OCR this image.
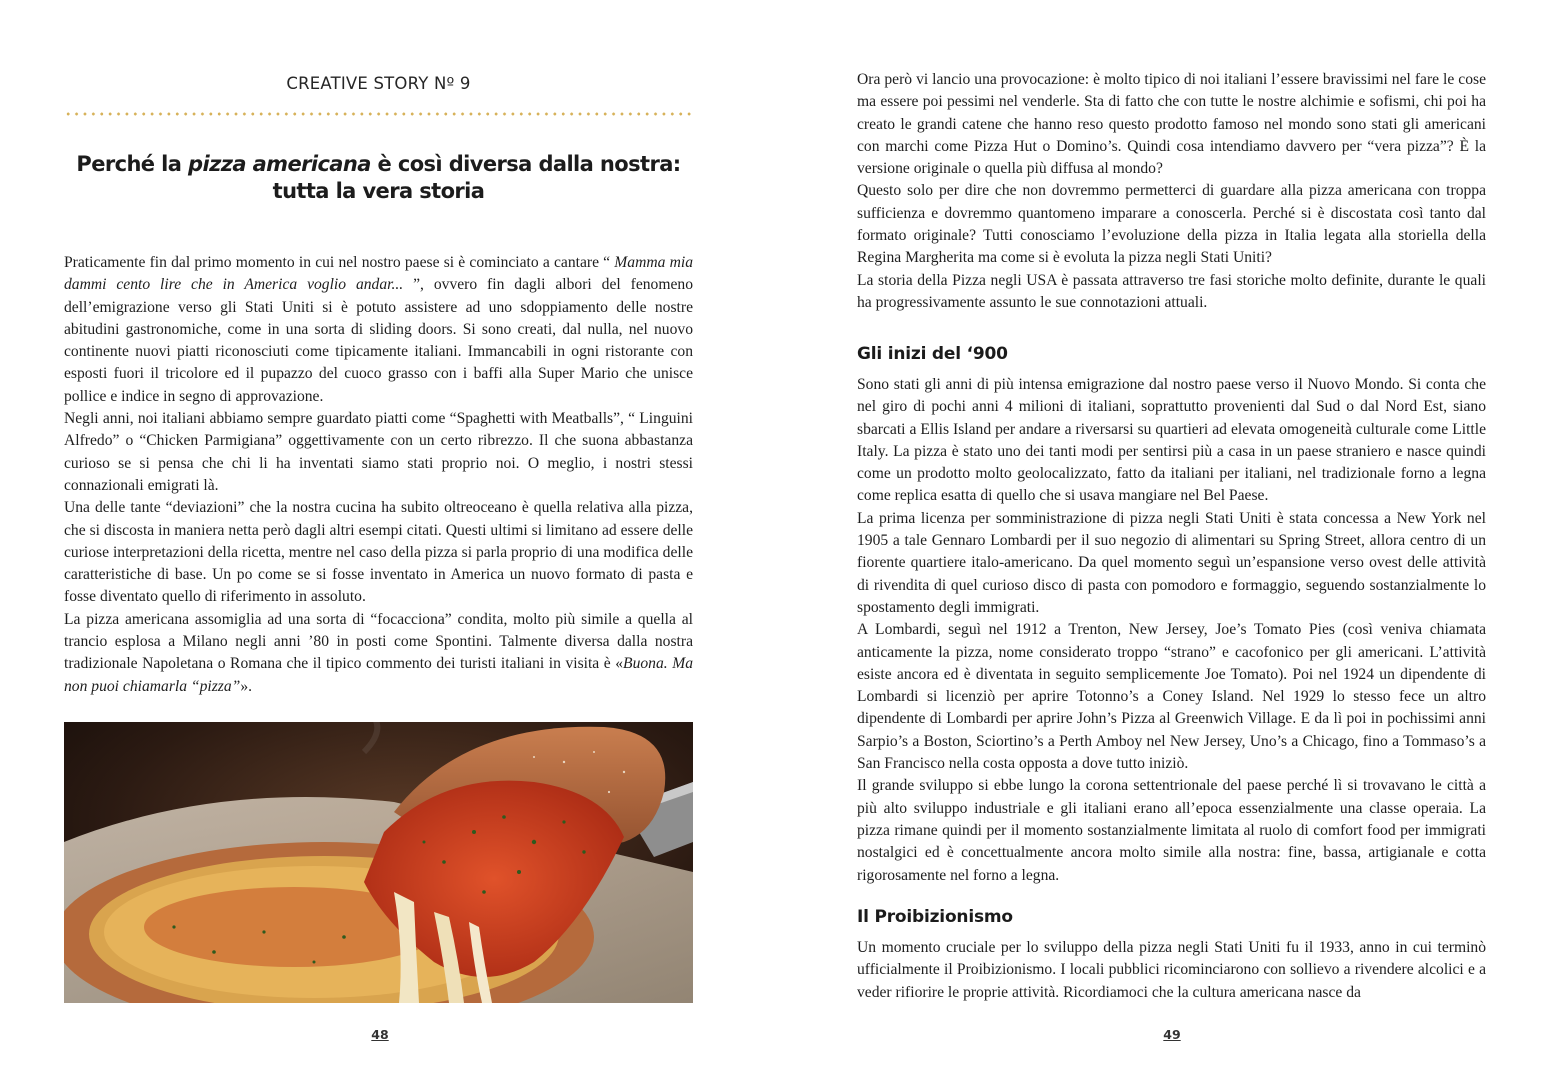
CREATIVE STORY Nº 9
Perché la pizza americana è così diversa dalla nostra: tutta la vera storia

Praticamente fin dal primo momento in cui nel nostro paese si è cominciato a cantare “ Mamma mia dammi cento lire che in America voglio andar... ”, ovvero fin dagli albori del fenomeno dell’emigrazione verso gli Stati Uniti si è potuto assistere ad uno sdoppiamento delle nostre abitudini gastronomiche, come in una sorta di sliding doors. Si sono creati, dal nulla, nel nuovo continente nuovi piatti riconosciuti come tipicamente italiani. Immancabili in ogni ristorante con esposti fuori il tricolore ed il pupazzo del cuoco grasso con i baffi alla Super Mario che unisce pollice e indice in segno di approvazione.

Negli anni, noi italiani abbiamo sempre guardato piatti come “Spaghetti with Meatballs”, “ Linguini Alfredo” o “Chicken Parmigiana” oggettivamente con un certo ribrezzo. Il che suona abbastanza curioso se si pensa che chi li ha inventati siamo stati proprio noi. O meglio, i nostri stessi connazionali emigrati là.

Una delle tante “deviazioni” che la nostra cucina ha subito oltreoceano è quella relativa alla pizza, che si discosta in maniera netta però dagli altri esempi citati. Questi ultimi si limitano ad essere delle curiose interpretazioni della ricetta, mentre nel caso della pizza si parla proprio di una modifica delle caratteristiche di base. Un po come se si fosse inventato in America un nuovo formato di pasta e fosse diventato quello di riferimento in assoluto.

La pizza americana assomiglia ad una sorta di “focacciona” condita, molto più simile a quella al trancio esplosa a Milano negli anni ’80 in posti come Spontini. Talmente diversa dalla nostra tradizionale Napoletana o Romana che il tipico commento dei turisti italiani in visita è «Buona. Ma non puoi chiamarla “pizza”».

48

Ora però vi lancio una provocazione: è molto tipico di noi italiani l’essere bravissimi nel fare le cose ma essere poi pessimi nel venderle. Sta di fatto che con tutte le nostre alchimie e sofismi, chi poi ha creato le grandi catene che hanno reso questo prodotto famoso nel mondo sono stati gli americani con marchi come Pizza Hut o Domino’s. Quindi cosa intendiamo davvero per “vera pizza”? È la versione originale o quella più diffusa al mondo?

Questo solo per dire che non dovremmo permetterci di guardare alla pizza americana con troppa sufficienza e dovremmo quantomeno imparare a conoscerla. Perché si è discostata così tanto dal formato originale? Tutti conosciamo l’evoluzione della pizza in Italia legata alla storiella della Regina Margherita ma come si è evoluta la pizza negli Stati Uniti?

La storia della Pizza negli USA è passata attraverso tre fasi storiche molto definite, durante le quali ha progressivamente assunto le sue connotazioni attuali.

Gli inizi del ‘900

Sono stati gli anni di più intensa emigrazione dal nostro paese verso il Nuovo Mondo. Si conta che nel giro di pochi anni 4 milioni di italiani, soprattutto provenienti dal Sud o dal Nord Est, siano sbarcati a Ellis Island per andare a riversarsi su quartieri ad elevata omogeneità culturale come Little Italy. La pizza è stato uno dei tanti modi per sentirsi più a casa in un paese straniero e nasce quindi come un prodotto molto geolocalizzato, fatto da italiani per italiani, nel tradizionale forno a legna come replica esatta di quello che si usava mangiare nel Bel Paese.

La prima licenza per somministrazione di pizza negli Stati Uniti è stata concessa a New York nel 1905 a tale Gennaro Lombardi per il suo negozio di alimentari su Spring Street, allora centro di un fiorente quartiere italo-americano. Da quel momento seguì un’espansione verso ovest delle attività di rivendita di quel curioso disco di pasta con pomodoro e formaggio, seguendo sostanzialmente lo spostamento degli immigrati.

A Lombardi, seguì nel 1912 a Trenton, New Jersey, Joe’s Tomato Pies (così veniva chiamata anticamente la pizza, nome considerato troppo “strano” e cacofonico per gli americani. L’attività esiste ancora ed è diventata in seguito semplicemente Joe Tomato). Poi nel 1924 un dipendente di Lombardi si licenziò per aprire Totonno’s a Coney Island. Nel 1929 lo stesso fece un altro dipendente di Lombardi per aprire John’s Pizza al Greenwich Village. E da lì poi in pochissimi anni Sarpio’s a Boston, Sciortino’s a Perth Amboy nel New Jersey, Uno’s a Chicago, fino a Tommaso’s a San Francisco nella costa opposta a dove tutto iniziò.

Il grande sviluppo si ebbe lungo la corona settentrionale del paese perché lì si trovavano le città a più alto sviluppo industriale e gli italiani erano all’epoca essenzialmente una classe operaia. La pizza rimane quindi per il momento sostanzialmente limitata al ruolo di comfort food per immigrati nostalgici ed è concettualmente ancora molto simile alla nostra: fine, bassa, artigianale e cotta rigorosamente nel forno a legna.

Il Proibizionismo

Un momento cruciale per lo sviluppo della pizza negli Stati Uniti fu il 1933, anno in cui terminò ufficialmente il Proibizionismo. I locali pubblici ricominciarono con sollievo a rivendere alcolici e a veder rifiorire le proprie attività. Ricordiamoci che la cultura americana nasce da

49
